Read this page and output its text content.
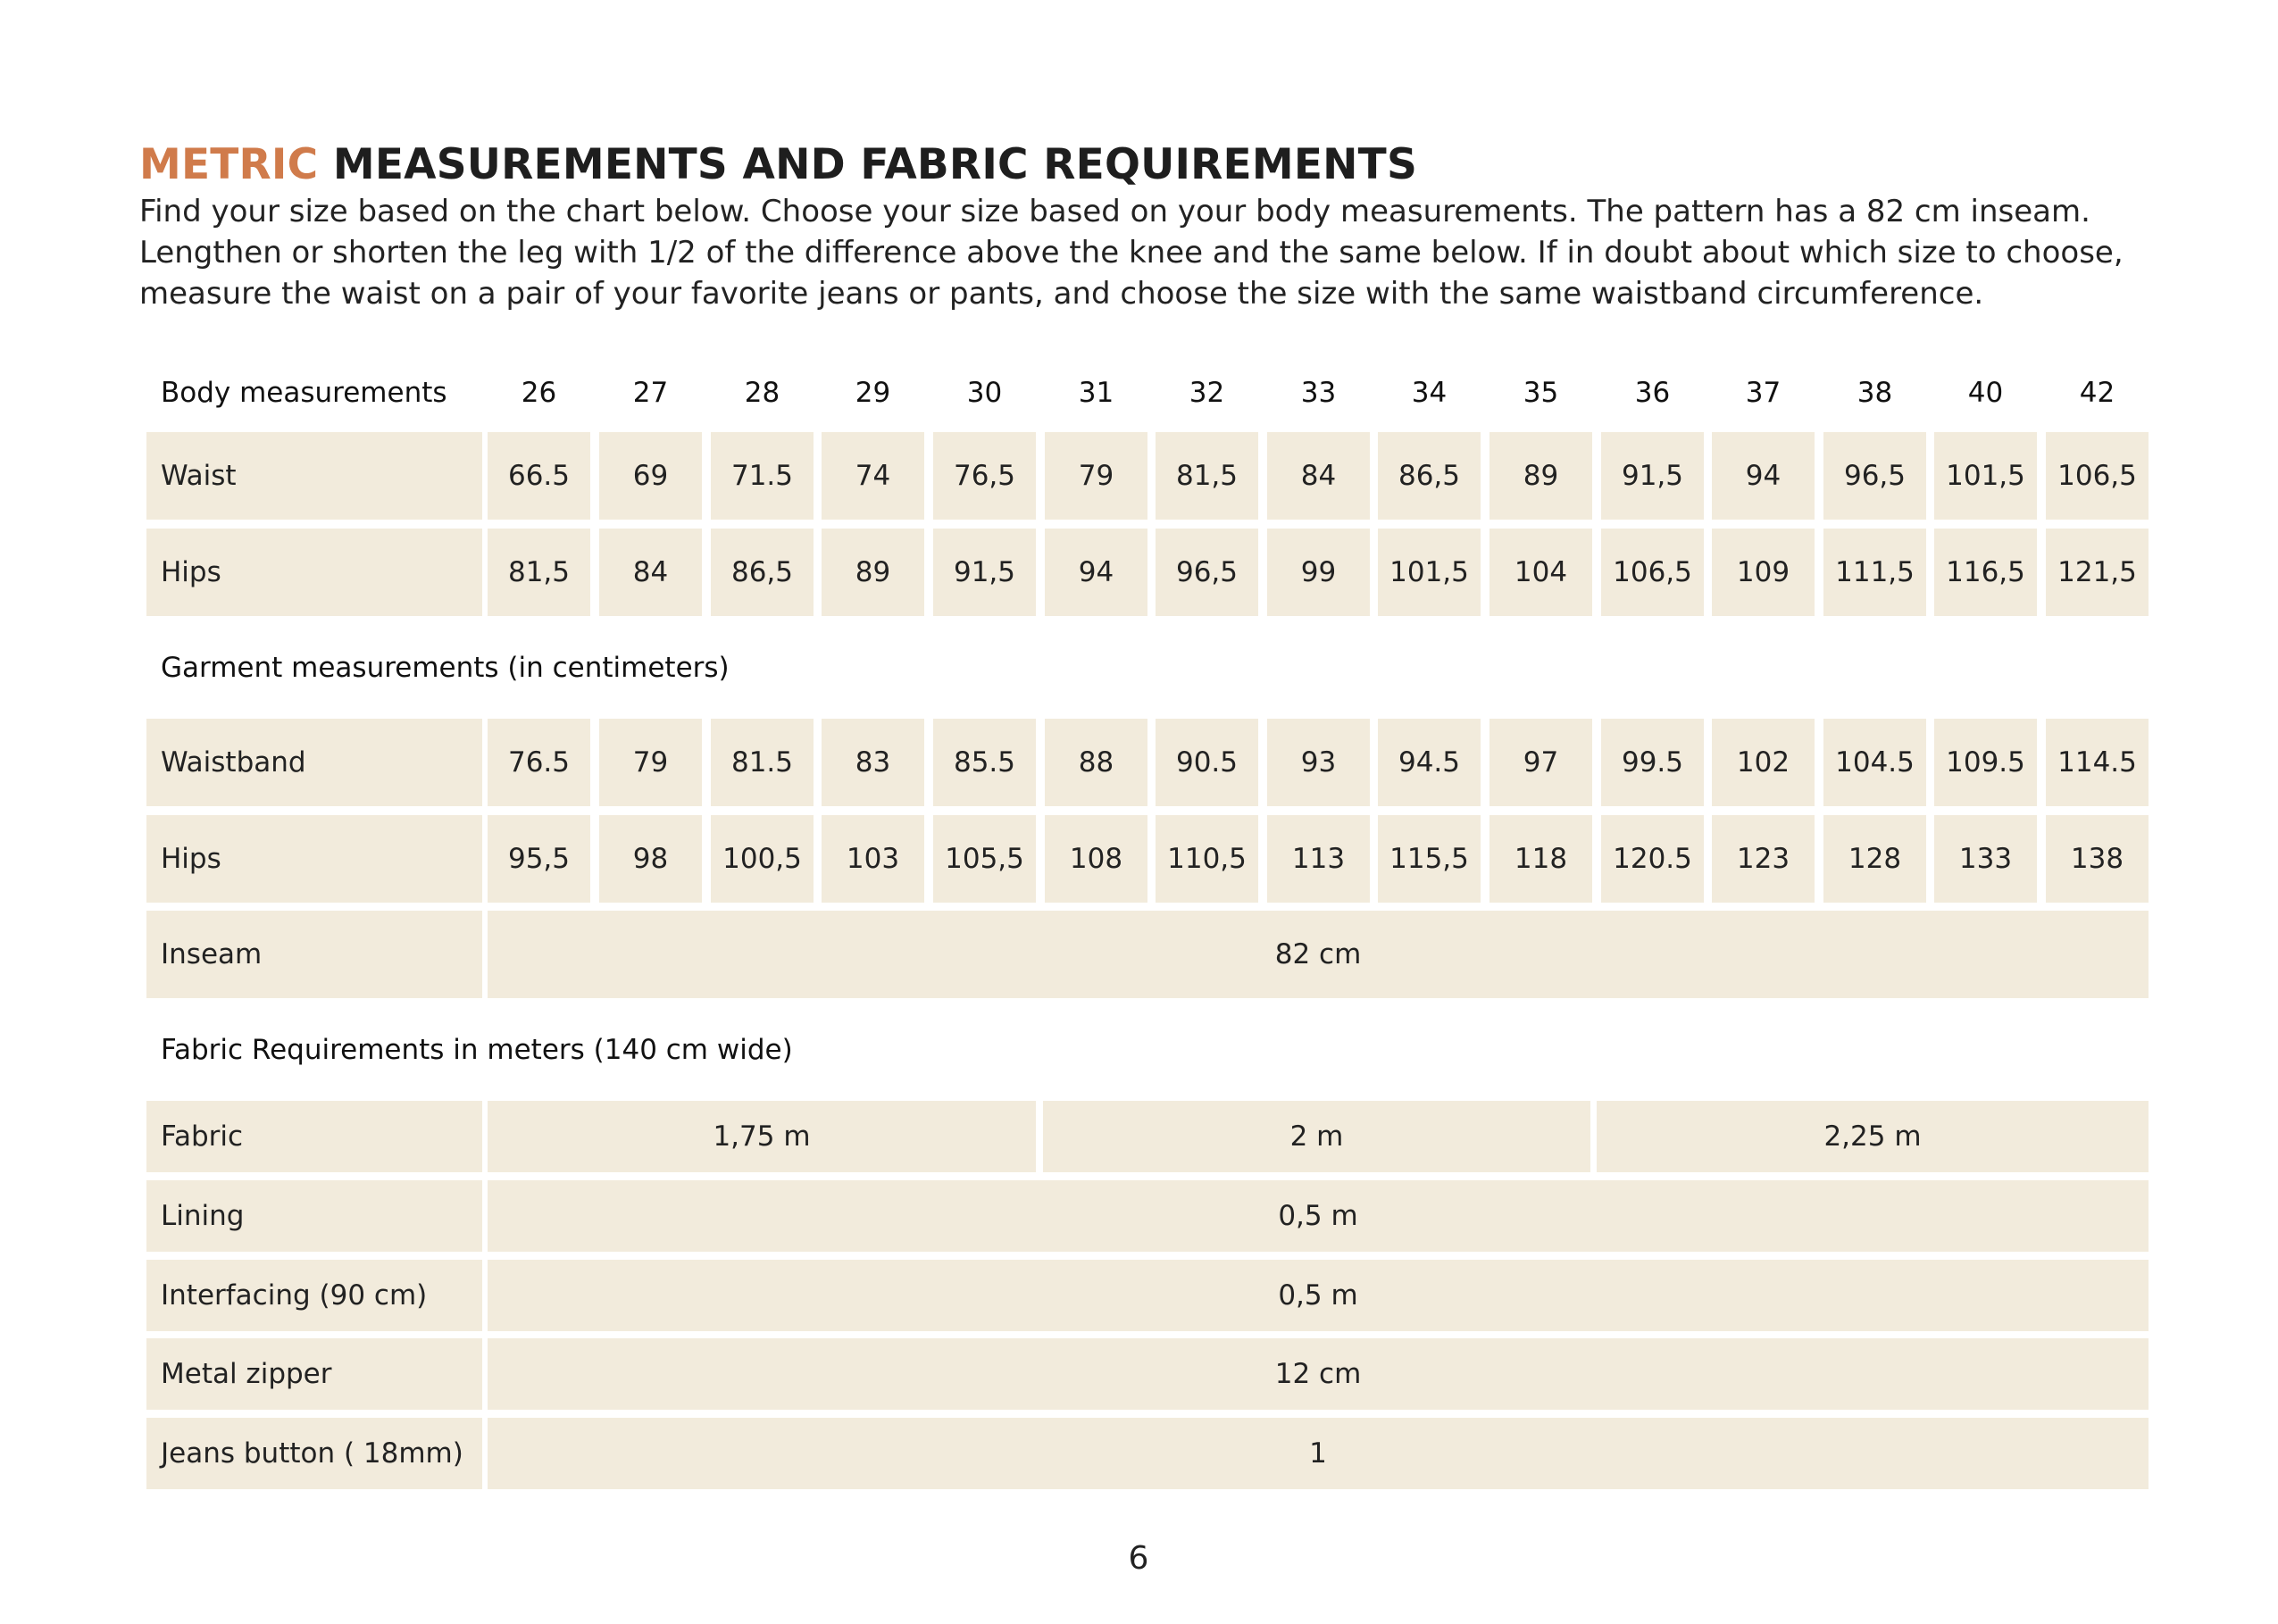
METRIC MEASUREMENTS AND FABRIC REQUIREMENTS
Find your size based on the chart below. Choose your size based on your body measurements. The pattern has a 82 cm inseam.
Lengthen or shorten the leg with 1/2 of the difference above the knee and the same below. If in doubt about which size to choose,
measure the waist on a pair of your favorite jeans or pants, and choose the size with the same waistband circumference.
Body measurements	26	27	28	29	30	31	32	33	34	35	36	37	38	40	42
Waist	66.5	69	71.5	74	76,5	79	81,5	84	86,5	89	91,5	94	96,5	101,5	106,5
Hips	81,5	84	86,5	89	91,5	94	96,5	99	101,5	104	106,5	109	111,5	116,5	121,5
Garment measurements (in centimeters)
Waistband	76.5	79	81.5	83	85.5	88	90.5	93	94.5	97	99.5	102	104.5	109.5	114.5
Hips	95,5	98	100,5	103	105,5	108	110,5	113	115,5	118	120.5	123	128	133	138
Inseam	82 cm
Fabric Requirements in meters (140 cm wide)
Fabric	1,75 m	2 m	2,25 m
Lining	0,5 m
Interfacing (90 cm)	0,5 m
Metal zipper	12 cm
Jeans button ( 18mm)	1
6
